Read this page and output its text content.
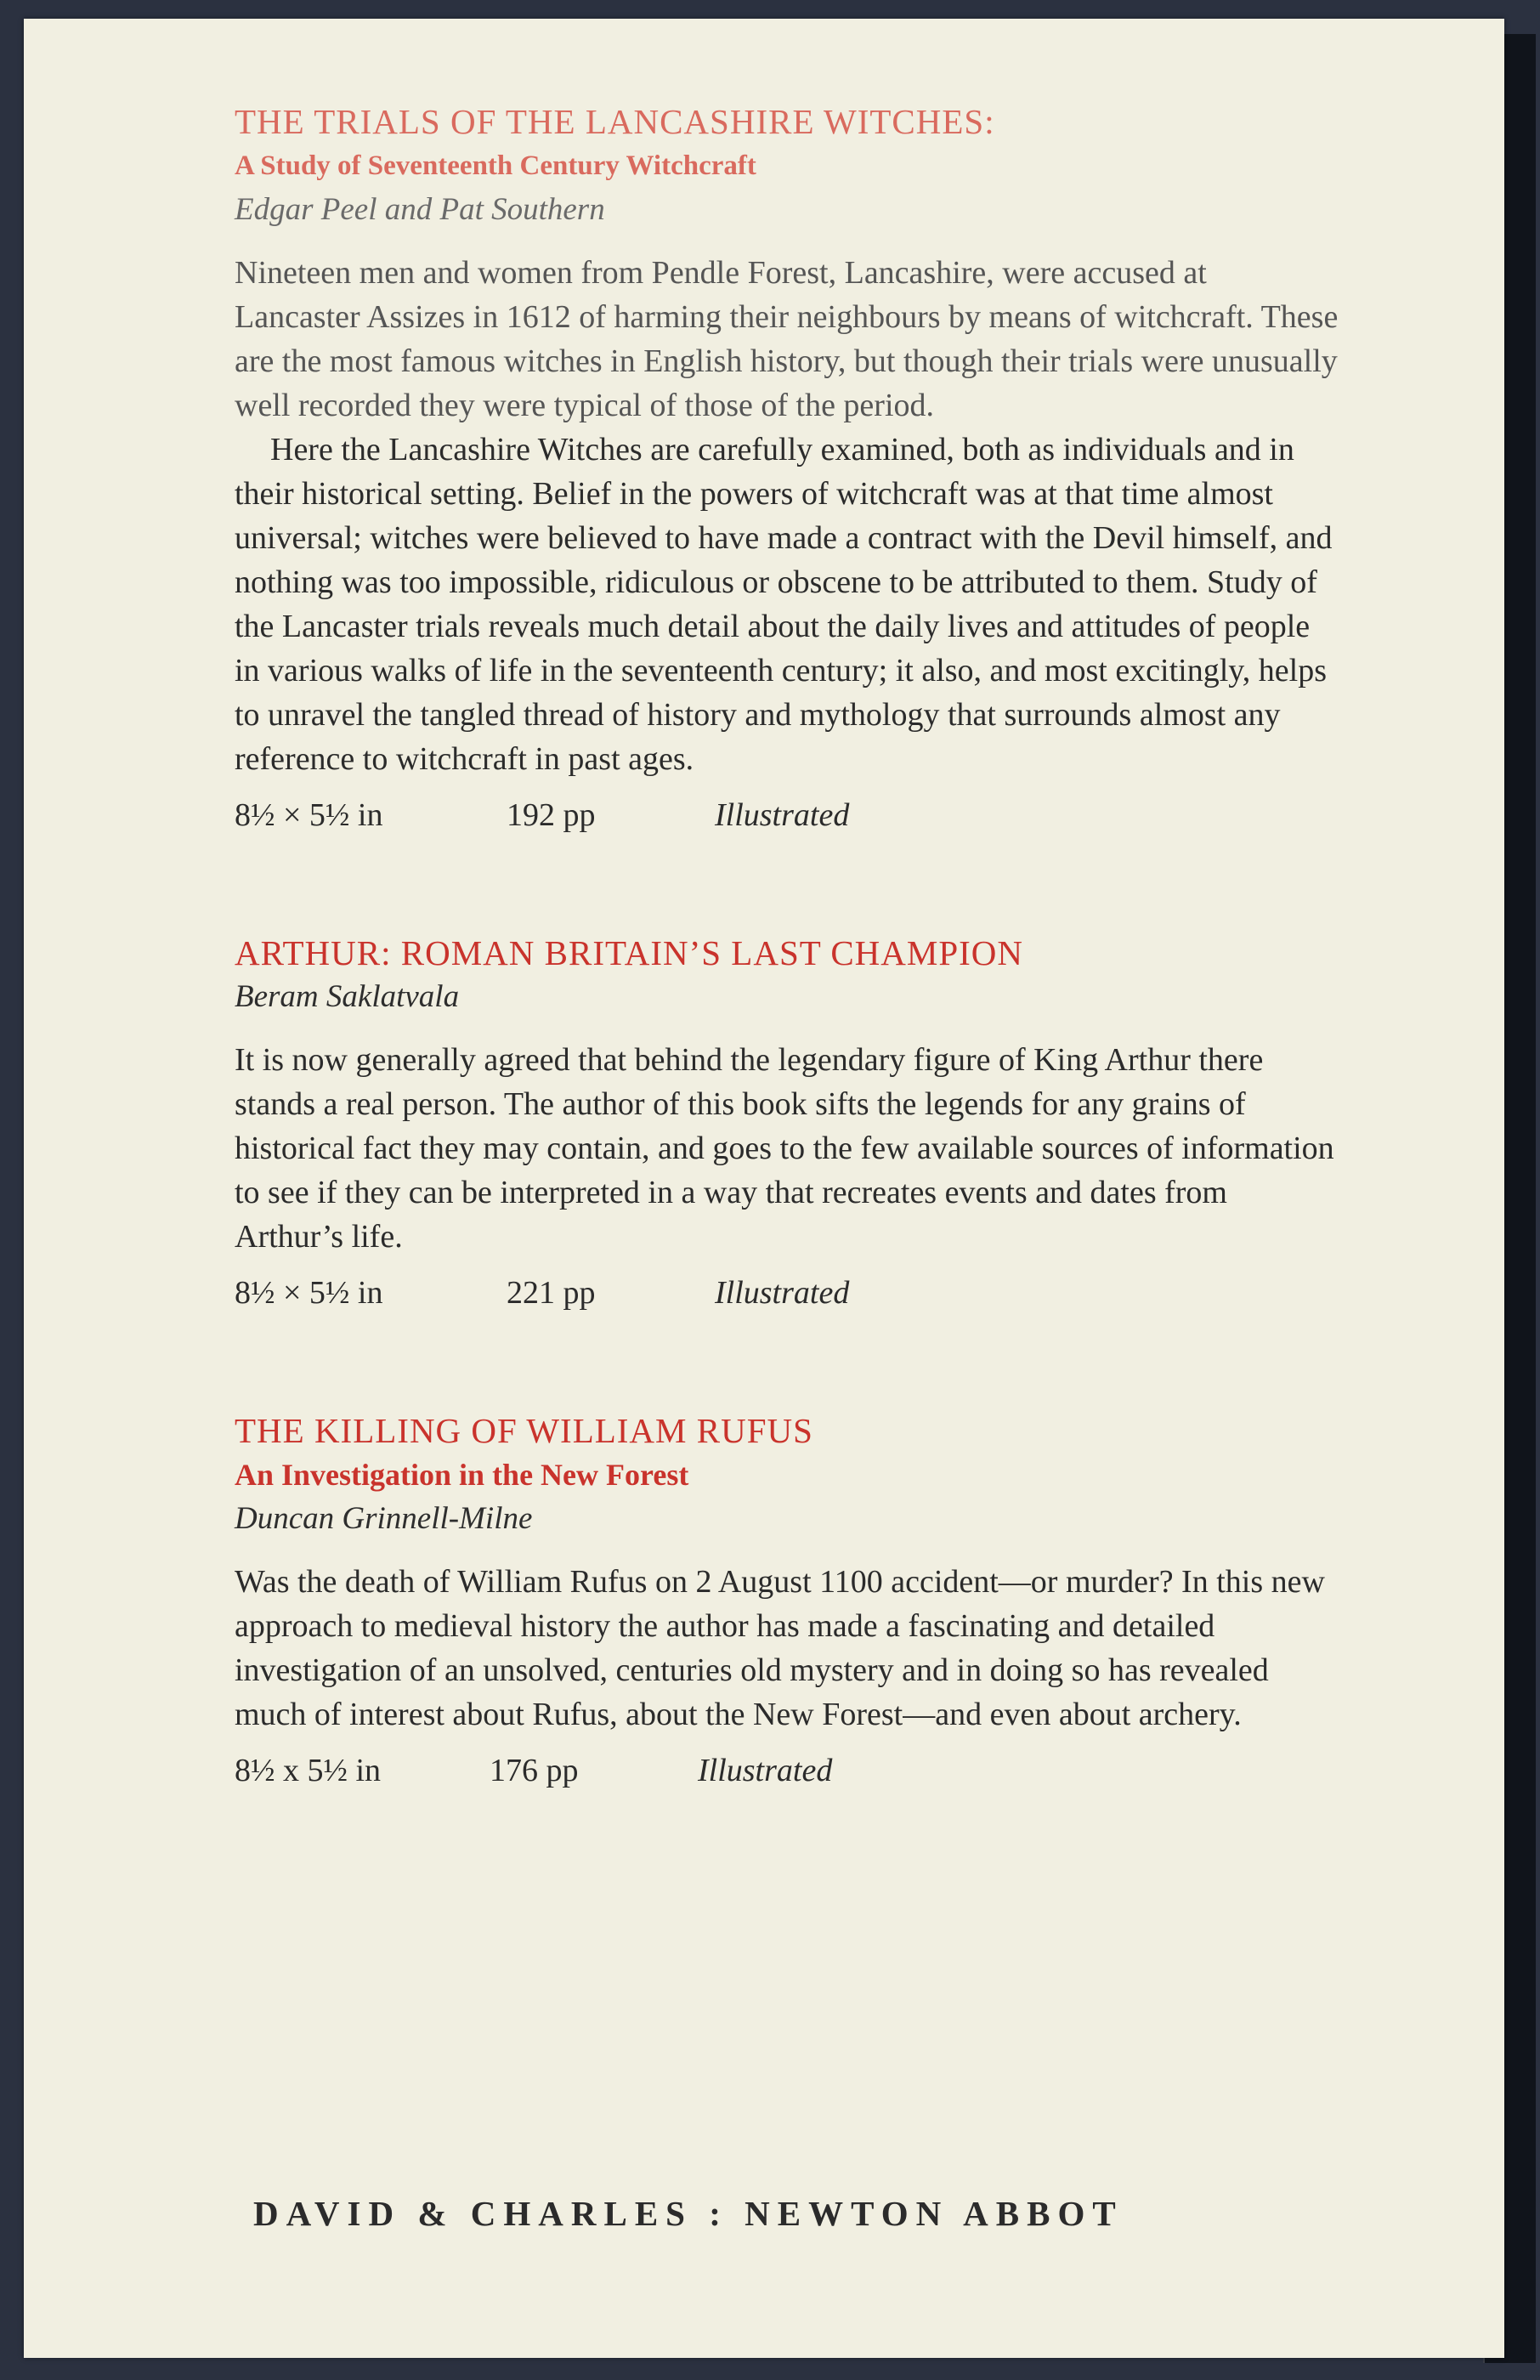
THE TRIALS OF THE LANCASHIRE WITCHES:

A Study of Seventeenth Century Witchcraft

Edgar Peel and Pat Southern

Nineteen men and women from Pendle Forest, Lancashire, were accused at Lancaster Assizes in 1612 of harming their neighbours by means of witchcraft. These are the most famous witches in English history, but though their trials were unusually well recorded they were typical of those of the period.

Here the Lancashire Witches are carefully examined, both as individuals and in their historical setting. Belief in the powers of witchcraft was at that time almost universal; witches were believed to have made a contract with the Devil himself, and nothing was too impossible, ridiculous or obscene to be attributed to them. Study of the Lancaster trials reveals much detail about the daily lives and attitudes of people in various walks of life in the seventeenth century; it also, and most excitingly, helps to unravel the tangled thread of history and mythology that surrounds almost any reference to witchcraft in past ages.

8½ × 5½ in	192 pp	Illustrated
ARTHUR: ROMAN BRITAIN’S LAST CHAMPION

Beram Saklatvala

It is now generally agreed that behind the legendary figure of King Arthur there stands a real person. The author of this book sifts the legends for any grains of historical fact they may contain, and goes to the few available sources of information to see if they can be interpreted in a way that recreates events and dates from Arthur’s life.

8½ × 5½ in	221 pp	Illustrated
THE KILLING OF WILLIAM RUFUS

An Investigation in the New Forest

Duncan Grinnell-Milne

Was the death of William Rufus on 2 August 1100 accident—or murder? In this new approach to medieval history the author has made a fascinating and detailed investigation of an unsolved, centuries old mystery and in doing so has revealed much of interest about Rufus, about the New Forest—and even about archery.

8½ x 5½ in	176 pp	Illustrated
DAVID & CHARLES : NEWTON ABBOT
